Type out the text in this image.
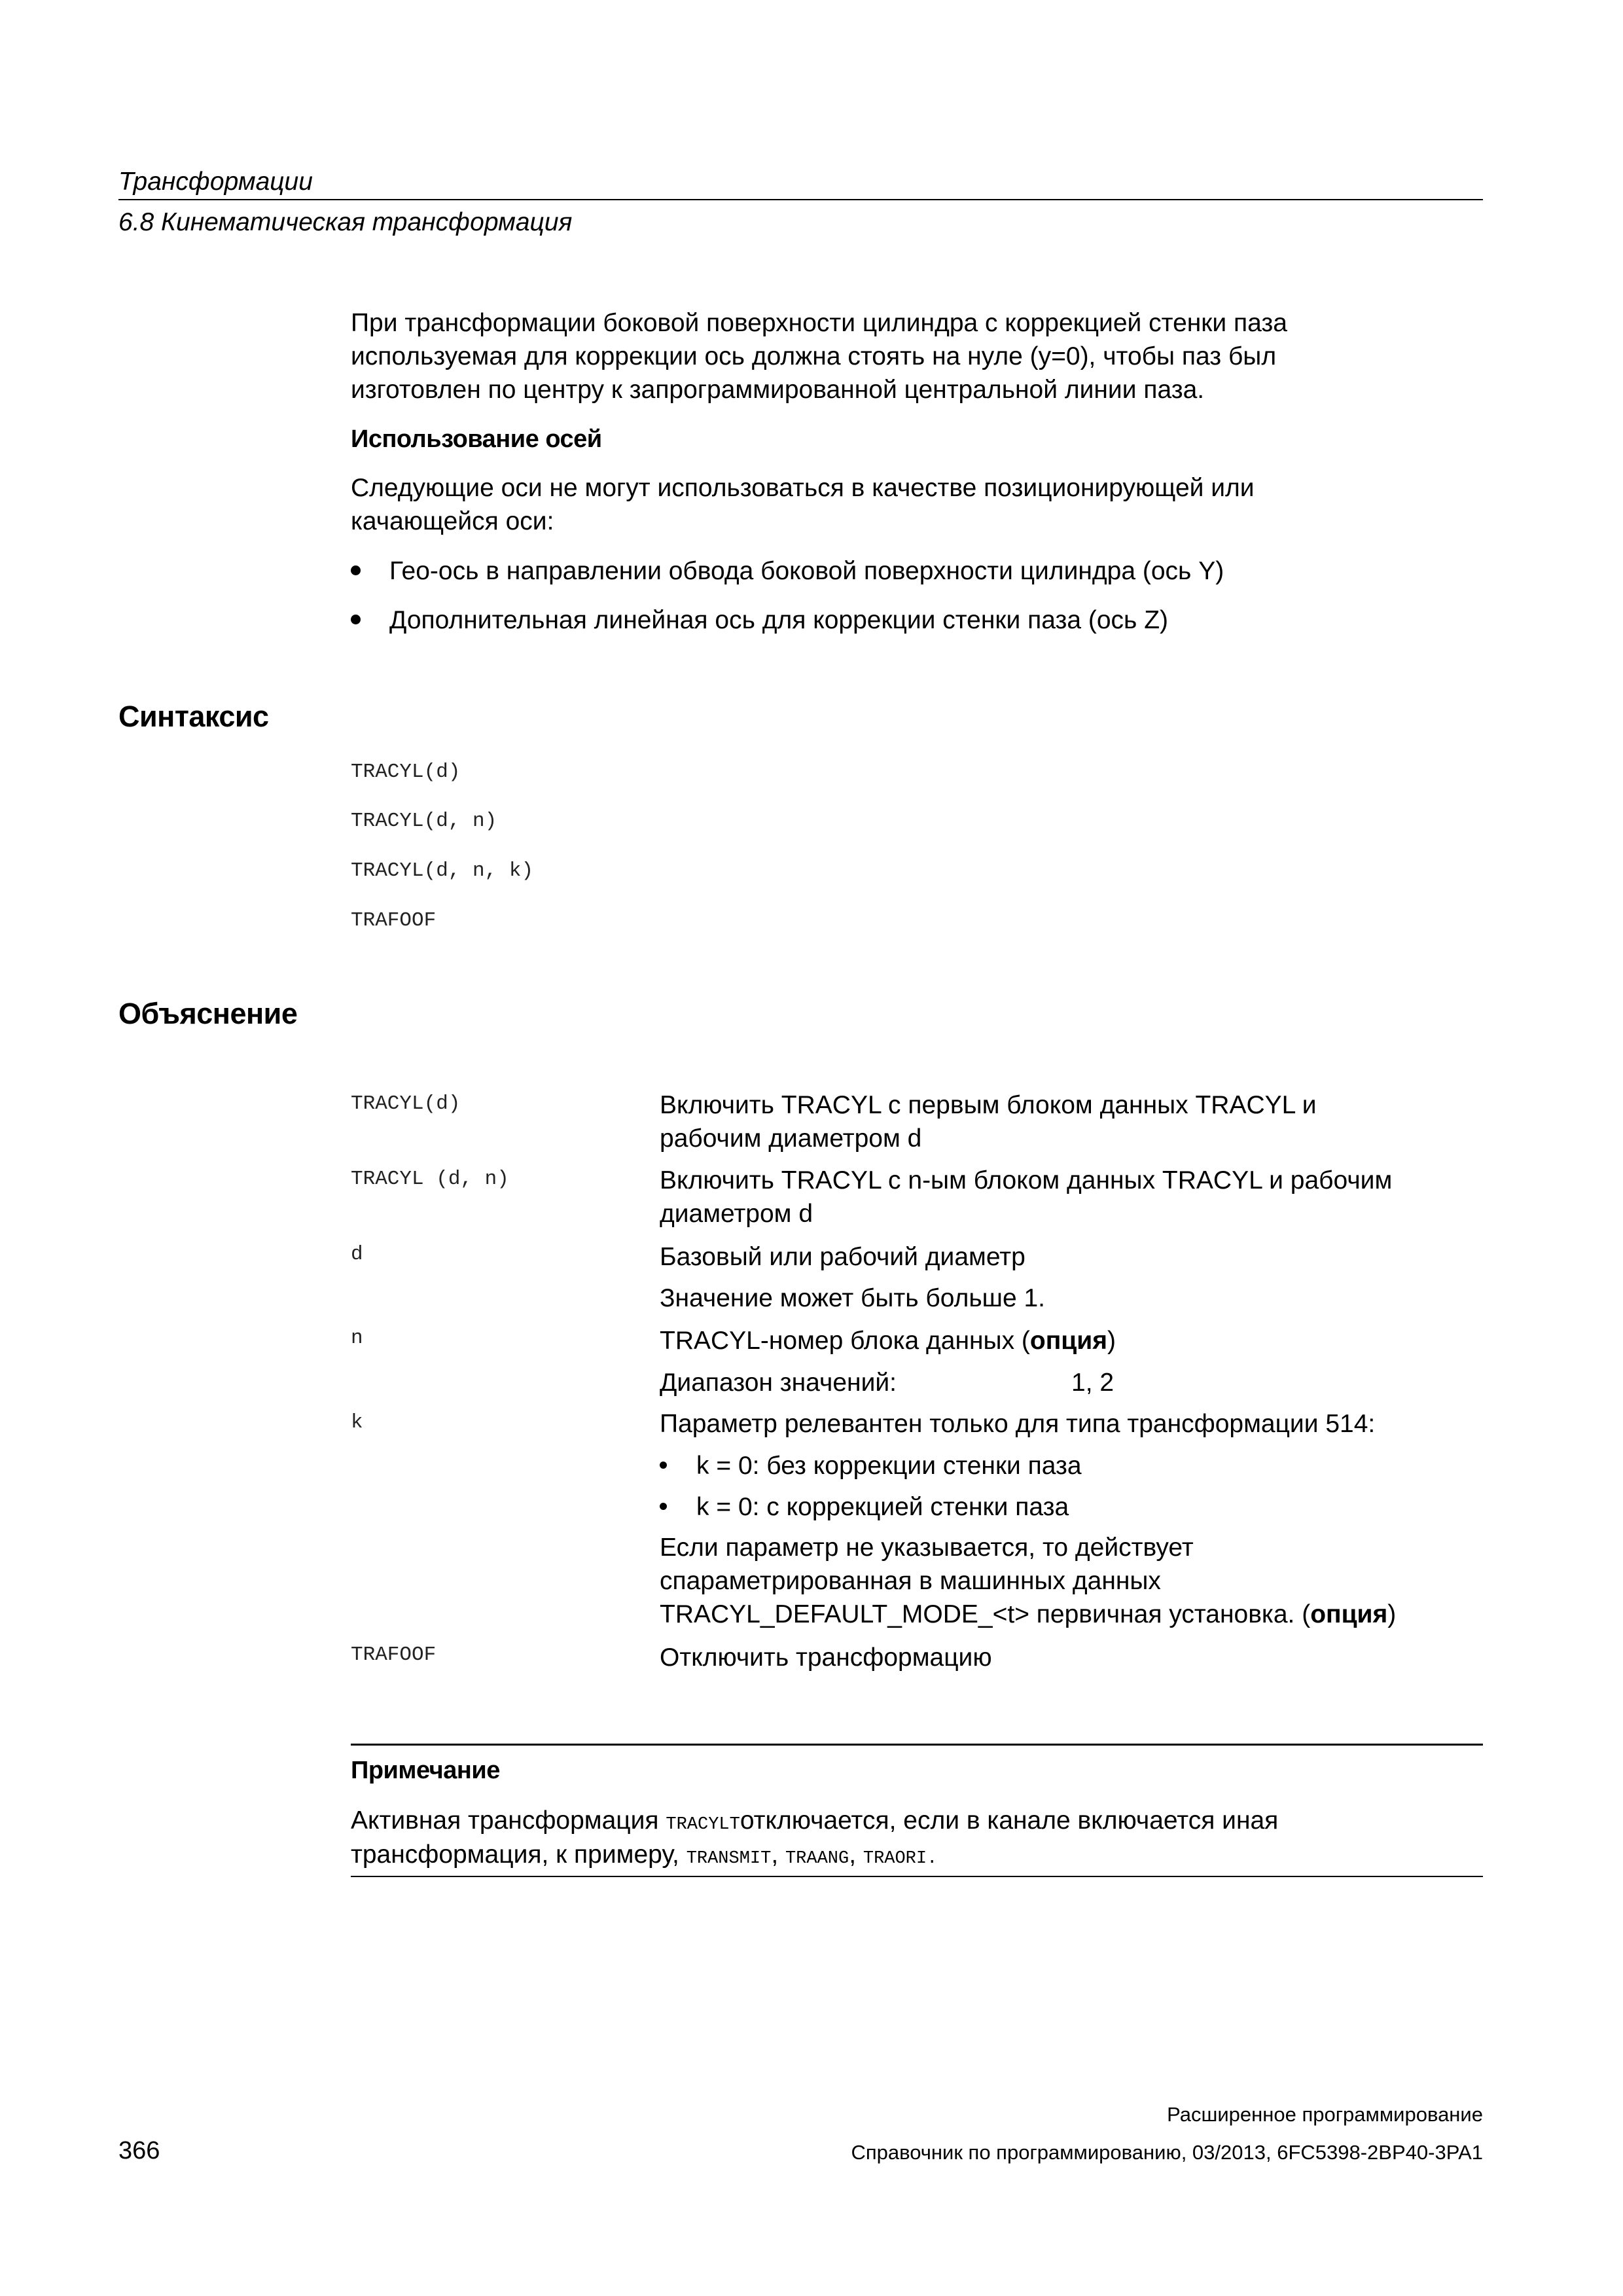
Трансформации
6.8 Кинематическая трансформация
При трансформации боковой поверхности цилиндра с коррекцией стенки паза
используемая для коррекции ось должна стоять на нуле (y=0), чтобы паз был
изготовлен по центру к запрограммированной центральной линии паза.
Использование осей
Следующие оси не могут использоваться в качестве позиционирующей или
качающейся оси:
Гео-ось в направлении обвода боковой поверхности цилиндра (ось Y)
Дополнительная линейная ось для коррекции стенки паза (ось Z)
Синтаксис
TRACYL(d)
TRACYL(d, n)
TRACYL(d, n, k)
TRAFOOF
Объяснение
TRACYL(d)	Включить TRACYL с первым блоком данных TRACYL и
рабочим диаметром d
TRACYL (d, n)	Включить TRACYL с n-ым блоком данных TRACYL и рабочим
диаметром d
d	Базовый или рабочий диаметр
Значение может быть больше 1.
n	TRACYL-номер блока данных (опция)
Диапазон значений:	1, 2
k	Параметр релевантен только для типа трансформации 514:
k = 0: без коррекции стенки паза
k = 0: с коррекцией стенки паза
Если параметр не указывается, то действует
спараметрированная в машинных данных
TRACYL_DEFAULT_MODE_<t> первичная установка. (опция)
TRAFOOF	Отключить трансформацию
Примечание
Активная трансформация TRACYLTотключается, если в канале включается иная
трансформация, к примеру, TRANSMIT, TRAANG, TRAORI.
Расширенное программирование
366	Справочник по программированию, 03/2013, 6FC5398-2BP40-3PA1
